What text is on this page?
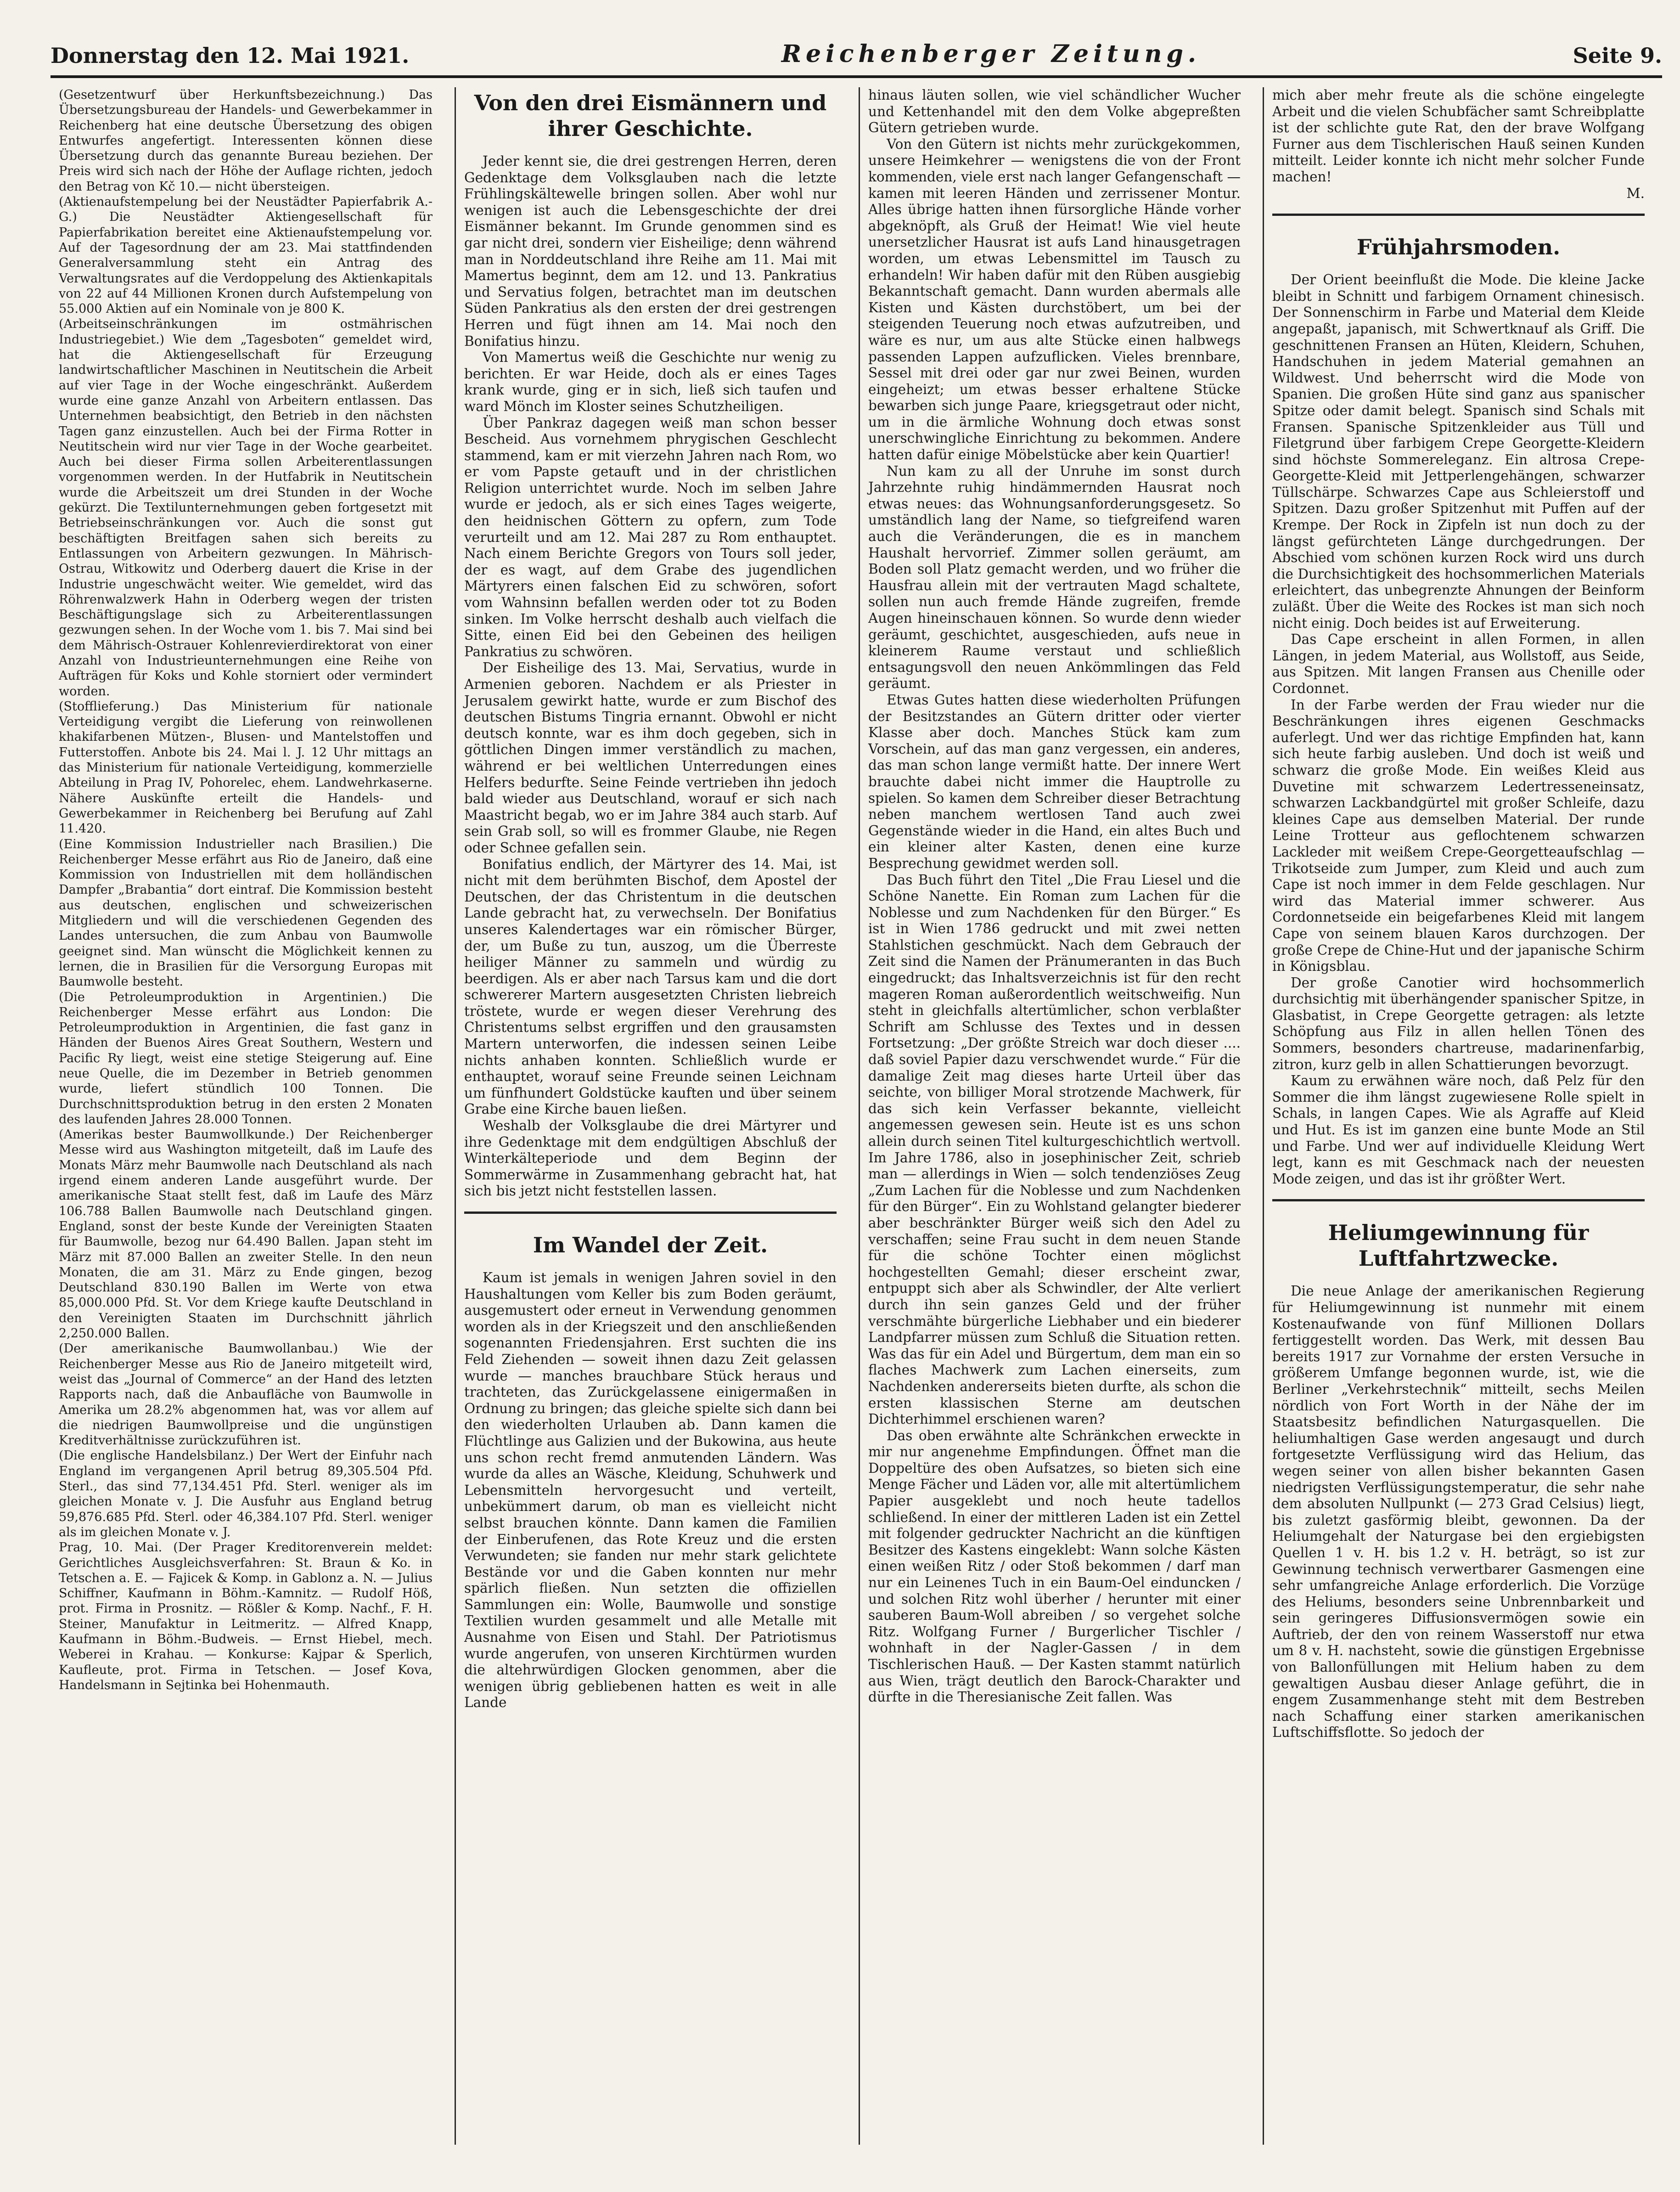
Donnerstag den 12. Mai 1921.	Reichenberger Zeitung.	Seite 9.

(Gesetzentwurf über Herkunftsbezeichnung.) Das Übersetzungsbureau der Handels- und Gewerbekammer in Reichenberg hat eine deutsche Übersetzung des obigen Entwurfes angefertigt. Interessenten können diese Übersetzung durch das genannte Bureau beziehen. Der Preis wird sich nach der Höhe der Auflage richten, jedoch den Betrag von Kč 10.— nicht übersteigen.

(Aktienaufstempelung bei der Neustädter Papierfabrik A.-G.) Die Neustädter Aktiengesellschaft für Papierfabrikation bereitet eine Aktienaufstempelung vor. Auf der Tagesordnung der am 23. Mai stattfindenden Generalversammlung steht ein Antrag des Verwaltungsrates auf die Verdoppelung des Aktienkapitals von 22 auf 44 Millionen Kronen durch Aufstempelung von 55.000 Aktien auf ein Nominale von je 800 K.

(Arbeitseinschränkungen im ostmährischen Industriegebiet.) Wie dem „Tagesboten“ gemeldet wird, hat die Aktiengesellschaft für Erzeugung landwirtschaftlicher Maschinen in Neutitschein die Arbeit auf vier Tage in der Woche eingeschränkt. Außerdem wurde eine ganze Anzahl von Arbeitern entlassen. Das Unternehmen beabsichtigt, den Betrieb in den nächsten Tagen ganz einzustellen. Auch bei der Firma Rotter in Neutitschein wird nur vier Tage in der Woche gearbeitet. Auch bei dieser Firma sollen Arbeiterentlassungen vorgenommen werden. In der Hutfabrik in Neutitschein wurde die Arbeitszeit um drei Stunden in der Woche gekürzt. Die Textilunternehmungen geben fortgesetzt mit Betriebseinschränkungen vor. Auch die sonst gut beschäftigten Breitfagen sahen sich bereits zu Entlassungen von Arbeitern gezwungen. In Mährisch-Ostrau, Witkowitz und Oderberg dauert die Krise in der Industrie ungeschwächt weiter. Wie gemeldet, wird das Röhrenwalzwerk Hahn in Oderberg wegen der tristen Beschäftigungslage sich zu Arbeiterentlassungen gezwungen sehen. In der Woche vom 1. bis 7. Mai sind bei dem Mährisch-Ostrauer Kohlenrevierdirektorat von einer Anzahl von Industrieunternehmungen eine Reihe von Aufträgen für Koks und Kohle storniert oder vermindert worden.

(Stofflieferung.) Das Ministerium für nationale Verteidigung vergibt die Lieferung von reinwollenen khakifarbenen Mützen-, Blusen- und Mantelstoffen und Futterstoffen. Anbote bis 24. Mai l. J. 12 Uhr mittags an das Ministerium für nationale Verteidigung, kommerzielle Abteilung in Prag IV, Pohorelec, ehem. Landwehrkaserne. Nähere Auskünfte erteilt die Handels- und Gewerbekammer in Reichenberg bei Berufung auf Zahl 11.420.

(Eine Kommission Industrieller nach Brasilien.) Die Reichenberger Messe erfährt aus Rio de Janeiro, daß eine Kommission von Industriellen mit dem holländischen Dampfer „Brabantia“ dort eintraf. Die Kommission besteht aus deutschen, englischen und schweizerischen Mitgliedern und will die verschiedenen Gegenden des Landes untersuchen, die zum Anbau von Baumwolle geeignet sind. Man wünscht die Möglichkeit kennen zu lernen, die in Brasilien für die Versorgung Europas mit Baumwolle besteht.

(Die Petroleumproduktion in Argentinien.) Die Reichenberger Messe erfährt aus London: Die Petroleumproduktion in Argentinien, die fast ganz in Händen der Buenos Aires Great Southern, Western und Pacific Ry liegt, weist eine stetige Steigerung auf. Eine neue Quelle, die im Dezember in Betrieb genommen wurde, liefert stündlich 100 Tonnen. Die Durchschnittsproduktion betrug in den ersten 2 Monaten des laufenden Jahres 28.000 Tonnen.

(Amerikas bester Baumwollkunde.) Der Reichenberger Messe wird aus Washington mitgeteilt, daß im Laufe des Monats März mehr Baumwolle nach Deutschland als nach irgend einem anderen Lande ausgeführt wurde. Der amerikanische Staat stellt fest, daß im Laufe des März 106.788 Ballen Baumwolle nach Deutschland gingen. England, sonst der beste Kunde der Vereinigten Staaten für Baumwolle, bezog nur 64.490 Ballen. Japan steht im März mit 87.000 Ballen an zweiter Stelle. In den neun Monaten, die am 31. März zu Ende gingen, bezog Deutschland 830.190 Ballen im Werte von etwa 85,000.000 Pfd. St. Vor dem Kriege kaufte Deutschland in den Vereinigten Staaten im Durchschnitt jährlich 2,250.000 Ballen.

(Der amerikanische Baumwollanbau.) Wie der Reichenberger Messe aus Rio de Janeiro mitgeteilt wird, weist das „Journal of Commerce“ an der Hand des letzten Rapports nach, daß die Anbaufläche von Baumwolle in Amerika um 28.2% abgenommen hat, was vor allem auf die niedrigen Baumwollpreise und die ungünstigen Kreditverhältnisse zurückzuführen ist.

(Die englische Handelsbilanz.) Der Wert der Einfuhr nach England im vergangenen April betrug 89,305.504 Pfd. Sterl., das sind 77,134.451 Pfd. Sterl. weniger als im gleichen Monate v. J. Die Ausfuhr aus England betrug 59,876.685 Pfd. Sterl. oder 46,384.107 Pfd. Sterl. weniger als im gleichen Monate v. J.

Prag, 10. Mai. (Der Prager Kreditorenverein meldet: Gerichtliches Ausgleichsverfahren: St. Braun & Ko. in Tetschen a. E. — Fajicek & Komp. in Gablonz a. N. — Julius Schiffner, Kaufmann in Böhm.-Kamnitz. — Rudolf Höß, prot. Firma in Prosnitz. — Rößler & Komp. Nachf., F. H. Steiner, Manufaktur in Leitmeritz. — Alfred Knapp, Kaufmann in Böhm.-Budweis. — Ernst Hiebel, mech. Weberei in Krahau. — Konkurse: Kajpar & Sperlich, Kaufleute, prot. Firma in Tetschen. — Josef Kova, Handelsmann in Sejtinka bei Hohenmauth.

Von den drei Eismännern und ihrer Geschichte.

Jeder kennt sie, die drei gestrengen Herren, deren Gedenktage dem Volksglauben nach die letzte Frühlingskältewelle bringen sollen. Aber wohl nur wenigen ist auch die Lebensgeschichte der drei Eismänner bekannt. Im Grunde genommen sind es gar nicht drei, sondern vier Eisheilige; denn während man in Norddeutschland ihre Reihe am 11. Mai mit Mamertus beginnt, dem am 12. und 13. Pankratius und Servatius folgen, betrachtet man im deutschen Süden Pankratius als den ersten der drei gestrengen Herren und fügt ihnen am 14. Mai noch den Bonifatius hinzu.

Von Mamertus weiß die Geschichte nur wenig zu berichten. Er war Heide, doch als er eines Tages krank wurde, ging er in sich, ließ sich taufen und ward Mönch im Kloster seines Schutzheiligen.

Über Pankraz dagegen weiß man schon besser Bescheid. Aus vornehmem phrygischen Geschlecht stammend, kam er mit vierzehn Jahren nach Rom, wo er vom Papste getauft und in der christlichen Religion unterrichtet wurde. Noch im selben Jahre wurde er jedoch, als er sich eines Tages weigerte, den heidnischen Göttern zu opfern, zum Tode verurteilt und am 12. Mai 287 zu Rom enthauptet. Nach einem Berichte Gregors von Tours soll jeder, der es wagt, auf dem Grabe des jugendlichen Märtyrers einen falschen Eid zu schwören, sofort vom Wahnsinn befallen werden oder tot zu Boden sinken. Im Volke herrscht deshalb auch vielfach die Sitte, einen Eid bei den Gebeinen des heiligen Pankratius zu schwören.

Der Eisheilige des 13. Mai, Servatius, wurde in Armenien geboren. Nachdem er als Priester in Jerusalem gewirkt hatte, wurde er zum Bischof des deutschen Bistums Tingria ernannt. Obwohl er nicht deutsch konnte, war es ihm doch gegeben, sich in göttlichen Dingen immer verständlich zu machen, während er bei weltlichen Unterredungen eines Helfers bedurfte. Seine Feinde vertrieben ihn jedoch bald wieder aus Deutschland, worauf er sich nach Maastricht begab, wo er im Jahre 384 auch starb. Auf sein Grab soll, so will es frommer Glaube, nie Regen oder Schnee gefallen sein.

Bonifatius endlich, der Märtyrer des 14. Mai, ist nicht mit dem berühmten Bischof, dem Apostel der Deutschen, der das Christentum in die deutschen Lande gebracht hat, zu verwechseln. Der Bonifatius unseres Kalendertages war ein römischer Bürger, der, um Buße zu tun, auszog, um die Überreste heiliger Männer zu sammeln und würdig zu beerdigen. Als er aber nach Tarsus kam und die dort schwererer Martern ausgesetzten Christen liebreich tröstete, wurde er wegen dieser Verehrung des Christentums selbst ergriffen und den grausamsten Martern unterworfen, die indessen seinen Leibe nichts anhaben konnten. Schließlich wurde er enthauptet, worauf seine Freunde seinen Leichnam um fünfhundert Goldstücke kauften und über seinem Grabe eine Kirche bauen ließen.

Weshalb der Volksglaube die drei Märtyrer und ihre Gedenktage mit dem endgültigen Abschluß der Winterkälteperiode und dem Beginn der Sommerwärme in Zusammenhang gebracht hat, hat sich bis jetzt nicht feststellen lassen.

Im Wandel der Zeit.

Kaum ist jemals in wenigen Jahren soviel in den Haushaltungen vom Keller bis zum Boden geräumt, ausgemustert oder erneut in Verwendung genommen worden als in der Kriegszeit und den anschließenden sogenannten Friedensjahren. Erst suchten die ins Feld Ziehenden — soweit ihnen dazu Zeit gelassen wurde — manches brauchbare Stück heraus und trachteten, das Zurückgelassene einigermaßen in Ordnung zu bringen; das gleiche spielte sich dann bei den wiederholten Urlauben ab. Dann kamen die Flüchtlinge aus Galizien und der Bukowina, aus heute uns schon recht fremd anmutenden Ländern. Was wurde da alles an Wäsche, Kleidung, Schuhwerk und Lebensmitteln hervorgesucht und verteilt, unbekümmert darum, ob man es vielleicht nicht selbst brauchen könnte. Dann kamen die Familien der Einberufenen, das Rote Kreuz und die ersten Verwundeten; sie fanden nur mehr stark gelichtete Bestände vor und die Gaben konnten nur mehr spärlich fließen. Nun setzten die offiziellen Sammlungen ein: Wolle, Baumwolle und sonstige Textilien wurden gesammelt und alle Metalle mit Ausnahme von Eisen und Stahl. Der Patriotismus wurde angerufen, von unseren Kirchtürmen wurden die altehrwürdigen Glocken genommen, aber die wenigen übrig gebliebenen hatten es weit in alle Lande

hinaus läuten sollen, wie viel schändlicher Wucher und Kettenhandel mit den dem Volke abgepreßten Gütern getrieben wurde.

Von den Gütern ist nichts mehr zurückgekommen, unsere Heimkehrer — wenigstens die von der Front kommenden, viele erst nach langer Gefangenschaft — kamen mit leeren Händen und zerrissener Montur. Alles übrige hatten ihnen fürsorgliche Hände vorher abgeknöpft, als Gruß der Heimat! Wie viel heute unersetzlicher Hausrat ist aufs Land hinausgetragen worden, um etwas Lebensmittel im Tausch zu erhandeln! Wir haben dafür mit den Rüben ausgiebig Bekanntschaft gemacht. Dann wurden abermals alle Kisten und Kästen durchstöbert, um bei der steigenden Teuerung noch etwas aufzutreiben, und wäre es nur, um aus alte Stücke einen halbwegs passenden Lappen aufzuflicken. Vieles brennbare, Sessel mit drei oder gar nur zwei Beinen, wurden eingeheizt; um etwas besser erhaltene Stücke bewarben sich junge Paare, kriegsgetraut oder nicht, um in die ärmliche Wohnung doch etwas sonst unerschwingliche Einrichtung zu bekommen. Andere hatten dafür einige Möbelstücke aber kein Quartier!

Nun kam zu all der Unruhe im sonst durch Jahrzehnte ruhig hindämmernden Hausrat noch etwas neues: das Wohnungsanforderungsgesetz. So umständlich lang der Name, so tiefgreifend waren auch die Veränderungen, die es in manchem Haushalt hervorrief. Zimmer sollen geräumt, am Boden soll Platz gemacht werden, und wo früher die Hausfrau allein mit der vertrauten Magd schaltete, sollen nun auch fremde Hände zugreifen, fremde Augen hineinschauen können. So wurde denn wieder geräumt, geschichtet, ausgeschieden, aufs neue in kleinerem Raume verstaut und schließlich entsagungsvoll den neuen Ankömmlingen das Feld geräumt.

Etwas Gutes hatten diese wiederholten Prüfungen der Besitzstandes an Gütern dritter oder vierter Klasse aber doch. Manches Stück kam zum Vorschein, auf das man ganz vergessen, ein anderes, das man schon lange vermißt hatte. Der innere Wert brauchte dabei nicht immer die Hauptrolle zu spielen. So kamen dem Schreiber dieser Betrachtung neben manchem wertlosen Tand auch zwei Gegenstände wieder in die Hand, ein altes Buch und ein kleiner alter Kasten, denen eine kurze Besprechung gewidmet werden soll.

Das Buch führt den Titel „Die Frau Liesel und die Schöne Nanette. Ein Roman zum Lachen für die Noblesse und zum Nachdenken für den Bürger.“ Es ist in Wien 1786 gedruckt und mit zwei netten Stahlstichen geschmückt. Nach dem Gebrauch der Zeit sind die Namen der Pränumeranten in das Buch eingedruckt; das Inhaltsverzeichnis ist für den recht mageren Roman außerordentlich weitschweifig. Nun steht in gleichfalls altertümlicher, schon verblaßter Schrift am Schlusse des Textes und in dessen Fortsetzung: „Der größte Streich war doch dieser .... daß soviel Papier dazu verschwendet wurde.“ Für die damalige Zeit mag dieses harte Urteil über das seichte, von billiger Moral strotzende Machwerk, für das sich kein Verfasser bekannte, vielleicht angemessen gewesen sein. Heute ist es uns schon allein durch seinen Titel kulturgeschichtlich wertvoll. Im Jahre 1786, also in josephinischer Zeit, schrieb man — allerdings in Wien — solch tendenziöses Zeug „Zum Lachen für die Noblesse und zum Nachdenken für den Bürger“. Ein zu Wohlstand gelangter biederer aber beschränkter Bürger weiß sich den Adel zu verschaffen; seine Frau sucht in dem neuen Stande für die schöne Tochter einen möglichst hochgestellten Gemahl; dieser erscheint zwar, entpuppt sich aber als Schwindler, der Alte verliert durch ihn sein ganzes Geld und der früher verschmähte bürgerliche Liebhaber und ein biederer Landpfarrer müssen zum Schluß die Situation retten. Was das für ein Adel und Bürgertum, dem man ein so flaches Machwerk zum Lachen einerseits, zum Nachdenken andererseits bieten durfte, als schon die ersten klassischen Sterne am deutschen Dichterhimmel erschienen waren?

Das oben erwähnte alte Schränkchen erweckte in mir nur angenehme Empfindungen. Öffnet man die Doppeltüre des oben Aufsatzes, so bieten sich eine Menge Fächer und Läden vor, alle mit altertümlichem Papier ausgeklebt und noch heute tadellos schließend. In einer der mittleren Laden ist ein Zettel mit folgender gedruckter Nachricht an die künftigen Besitzer des Kastens eingeklebt: Wann solche Kästen einen weißen Ritz / oder Stoß bekommen / darf man nur ein Leinenes Tuch in ein Baum-Oel einduncken / und solchen Ritz wohl überher / herunter mit einer sauberen Baum-Woll abreiben / so vergehet solche Ritz. Wolfgang Furner / Burgerlicher Tischler / wohnhaft in der Nagler-Gassen / in dem Tischlerischen Hauß. — Der Kasten stammt natürlich aus Wien, trägt deutlich den Barock-Charakter und dürfte in die Theresianische Zeit fallen. Was

mich aber mehr freute als die schöne eingelegte Arbeit und die vielen Schubfächer samt Schreibplatte ist der schlichte gute Rat, den der brave Wolfgang Furner aus dem Tischlerischen Hauß seinen Kunden mitteilt. Leider konnte ich nicht mehr solcher Funde machen!

M.

Frühjahrsmoden.

Der Orient beeinflußt die Mode. Die kleine Jacke bleibt in Schnitt und farbigem Ornament chinesisch. Der Sonnenschirm in Farbe und Material dem Kleide angepaßt, japanisch, mit Schwertknauf als Griff. Die geschnittenen Fransen an Hüten, Kleidern, Schuhen, Handschuhen in jedem Material gemahnen an Wildwest. Und beherrscht wird die Mode von Spanien. Die großen Hüte sind ganz aus spanischer Spitze oder damit belegt. Spanisch sind Schals mit Fransen. Spanische Spitzenkleider aus Tüll und Filetgrund über farbigem Crepe Georgette-Kleidern sind höchste Sommereleganz. Ein altrosa Crepe-Georgette-Kleid mit Jettperlengehängen, schwarzer Tüllschärpe. Schwarzes Cape aus Schleierstoff und Spitzen. Dazu großer Spitzenhut mit Puffen auf der Krempe. Der Rock in Zipfeln ist nun doch zu der längst gefürchteten Länge durchgedrungen. Der Abschied vom schönen kurzen Rock wird uns durch die Durchsichtigkeit des hochsommerlichen Materials erleichtert, das unbegrenzte Ahnungen der Beinform zuläßt. Über die Weite des Rockes ist man sich noch nicht einig. Doch beides ist auf Erweiterung.

Das Cape erscheint in allen Formen, in allen Längen, in jedem Material, aus Wollstoff, aus Seide, aus Spitzen. Mit langen Fransen aus Chenille oder Cordonnet.

In der Farbe werden der Frau wieder nur die Beschränkungen ihres eigenen Geschmacks auferlegt. Und wer das richtige Empfinden hat, kann sich heute farbig ausleben. Und doch ist weiß und schwarz die große Mode. Ein weißes Kleid aus Duvetine mit schwarzem Ledertresseneinsatz, schwarzen Lackbandgürtel mit großer Schleife, dazu kleines Cape aus demselben Material. Der runde Leine Trotteur aus geflochtenem schwarzen Lackleder mit weißem Crepe-Georgetteaufschlag — Trikotseide zum Jumper, zum Kleid und auch zum Cape ist noch immer in dem Felde geschlagen. Nur wird das Material immer schwerer. Aus Cordonnetseide ein beigefarbenes Kleid mit langem Cape von seinem blauen Karos durchzogen. Der große Crepe de Chine-Hut und der japanische Schirm in Königsblau.

Der große Canotier wird hochsommerlich durchsichtig mit überhängender spanischer Spitze, in Glasbatist, in Crepe Georgette getragen: als letzte Schöpfung aus Filz in allen hellen Tönen des Sommers, besonders chartreuse, madarinenfarbig, zitron, kurz gelb in allen Schattierungen bevorzugt.

Kaum zu erwähnen wäre noch, daß Pelz für den Sommer die ihm längst zugewiesene Rolle spielt in Schals, in langen Capes. Wie als Agraffe auf Kleid und Hut. Es ist im ganzen eine bunte Mode an Stil und Farbe. Und wer auf individuelle Kleidung Wert legt, kann es mit Geschmack nach der neuesten Mode zeigen, und das ist ihr größter Wert.

Heliumgewinnung für Luftfahrtzwecke.

Die neue Anlage der amerikanischen Regierung für Heliumgewinnung ist nunmehr mit einem Kostenaufwande von fünf Millionen Dollars fertiggestellt worden. Das Werk, mit dessen Bau bereits 1917 zur Vornahme der ersten Versuche in größerem Umfange begonnen wurde, ist, wie die Berliner „Verkehrstechnik“ mitteilt, sechs Meilen nördlich von Fort Worth in der Nähe der im Staatsbesitz befindlichen Naturgasquellen. Die heliumhaltigen Gase werden angesaugt und durch fortgesetzte Verflüssigung wird das Helium, das wegen seiner von allen bisher bekannten Gasen niedrigsten Verflüssigungstemperatur, die sehr nahe dem absoluten Nullpunkt (— 273 Grad Celsius) liegt, bis zuletzt gasförmig bleibt, gewonnen. Da der Heliumgehalt der Naturgase bei den ergiebigsten Quellen 1 v. H. bis 1.2 v. H. beträgt, so ist zur Gewinnung technisch verwertbarer Gasmengen eine sehr umfangreiche Anlage erforderlich. Die Vorzüge des Heliums, besonders seine Unbrennbarkeit und sein geringeres Diffusionsvermögen sowie ein Auftrieb, der den von reinem Wasserstoff nur etwa um 8 v. H. nachsteht, sowie die günstigen Ergebnisse von Ballonfüllungen mit Helium haben zu dem gewaltigen Ausbau dieser Anlage geführt, die in engem Zusammenhange steht mit dem Bestreben nach Schaffung einer starken amerikanischen Luftschiffsflotte. So jedoch der
